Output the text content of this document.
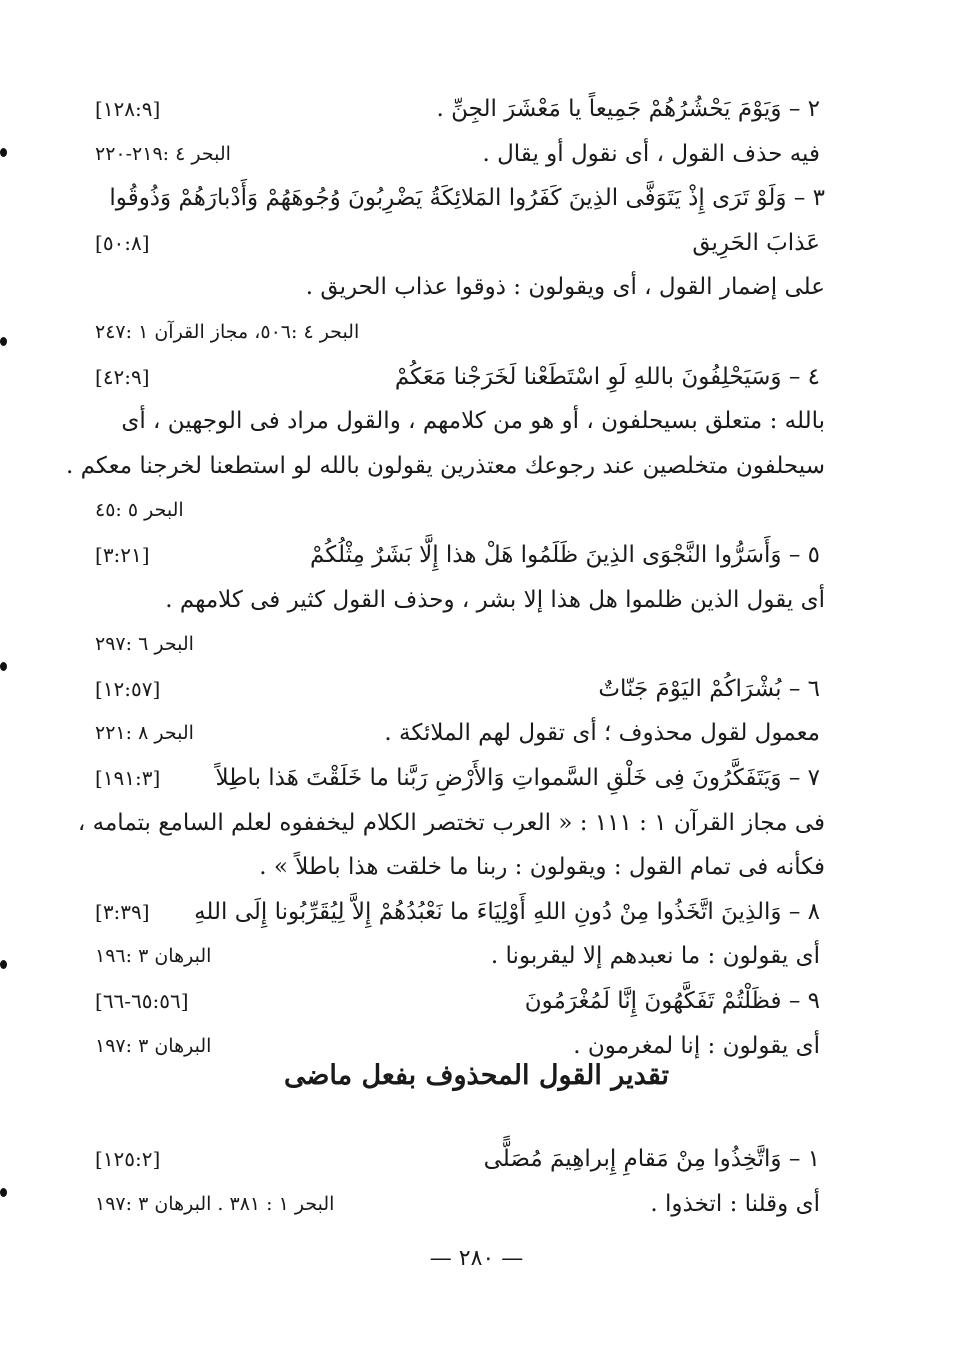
[١٢٨:٩]	٢ – وَيَوْمَ يَحْشُرُهُمْ جَمِيعاً يا مَعْشَرَ الجِنِّ .
البحر ٤ :٢١٩-٢٢٠	فيه حذف القول ، أى نقول أو يقال .
٣ – وَلَوْ تَرَى إِذْ يَتَوَفَّى الذِينَ كَفَرُوا المَلائِكَةُ يَضْرِبُونَ وُجُوهَهُمْ وَأَدْبارَهُمْ وَذُوقُوا
[٥٠:٨]	عَذابَ الحَرِيق
على إضمار القول ، أى ويقولون : ذوقوا عذاب الحريق .
البحر ٤ :٥٠٦، مجاز القرآن ١ :٢٤٧
[٤٢:٩]	٤ – وَسَيَحْلِفُونَ باللهِ لَوِ اسْتَطَعْنا لَخَرَجْنا مَعَكُمْ
بالله : متعلق بسيحلفون ، أو هو من كلامهم ، والقول مراد فى الوجهين ، أى
سيحلفون متخلصين عند رجوعك معتذرين يقولون بالله لو استطعنا لخرجنا معكم .
البحر ٥ :٤٥
[٣:٢١]	٥ – وَأَسَرُّوا النَّجْوَى الذِينَ ظَلَمُوا هَلْ هذا إِلَّا بَشَرٌ مِثْلُكُمْ
أى يقول الذين ظلموا هل هذا إلا بشر ، وحذف القول كثير فى كلامهم .
البحر ٦ :٢٩٧
[١٢:٥٧]	٦ – بُشْرَاكُمْ اليَوْمَ جَنّاتٌ
البحر ٨ :٢٢١	معمول لقول محذوف ؛ أى تقول لهم الملائكة .
[١٩١:٣] ٧ – وَيَتَفَكَّرُونَ فِى خَلْقِ السَّمواتِ وَالأَرْضِ رَبَّنا ما خَلَقْتَ هَذا باطِلاً
فى مجاز القرآن ١ : ١١١ : « العرب تختصر الكلام ليخففوه لعلم السامع بتمامه ،
فكأنه فى تمام القول : ويقولون : ربنا ما خلقت هذا باطلاً » .
[٣:٣٩] ٨ – وَالذِينَ اتَّخَذُوا مِنْ دُونِ اللهِ أَوْلِيَاءَ ما نَعْبُدُهُمْ إِلاَّ لِيُقَرِّبُونا إِلَى اللهِ
البرهان ٣ :١٩٦	أى يقولون : ما نعبدهم إلا ليقربونا .
[٦٥:٥٦-٦٦]	٩ – فظَلْتُمْ تَفَكَّهُونَ إِنَّا لَمُغْرَمُونَ
البرهان ٣ :١٩٧	أى يقولون : إنا لمغرمون .
[١٢٥:٢]	١ – وَاتَّخِذُوا مِنْ مَقامِ إِبراهِيمَ مُصَلًّى
البحر ١ : ٣٨١ . البرهان ٣ :١٩٧	أى وقلنا : اتخذوا .
تقدير القول المحذوف بفعل ماضى
— ٢٨٠ —
